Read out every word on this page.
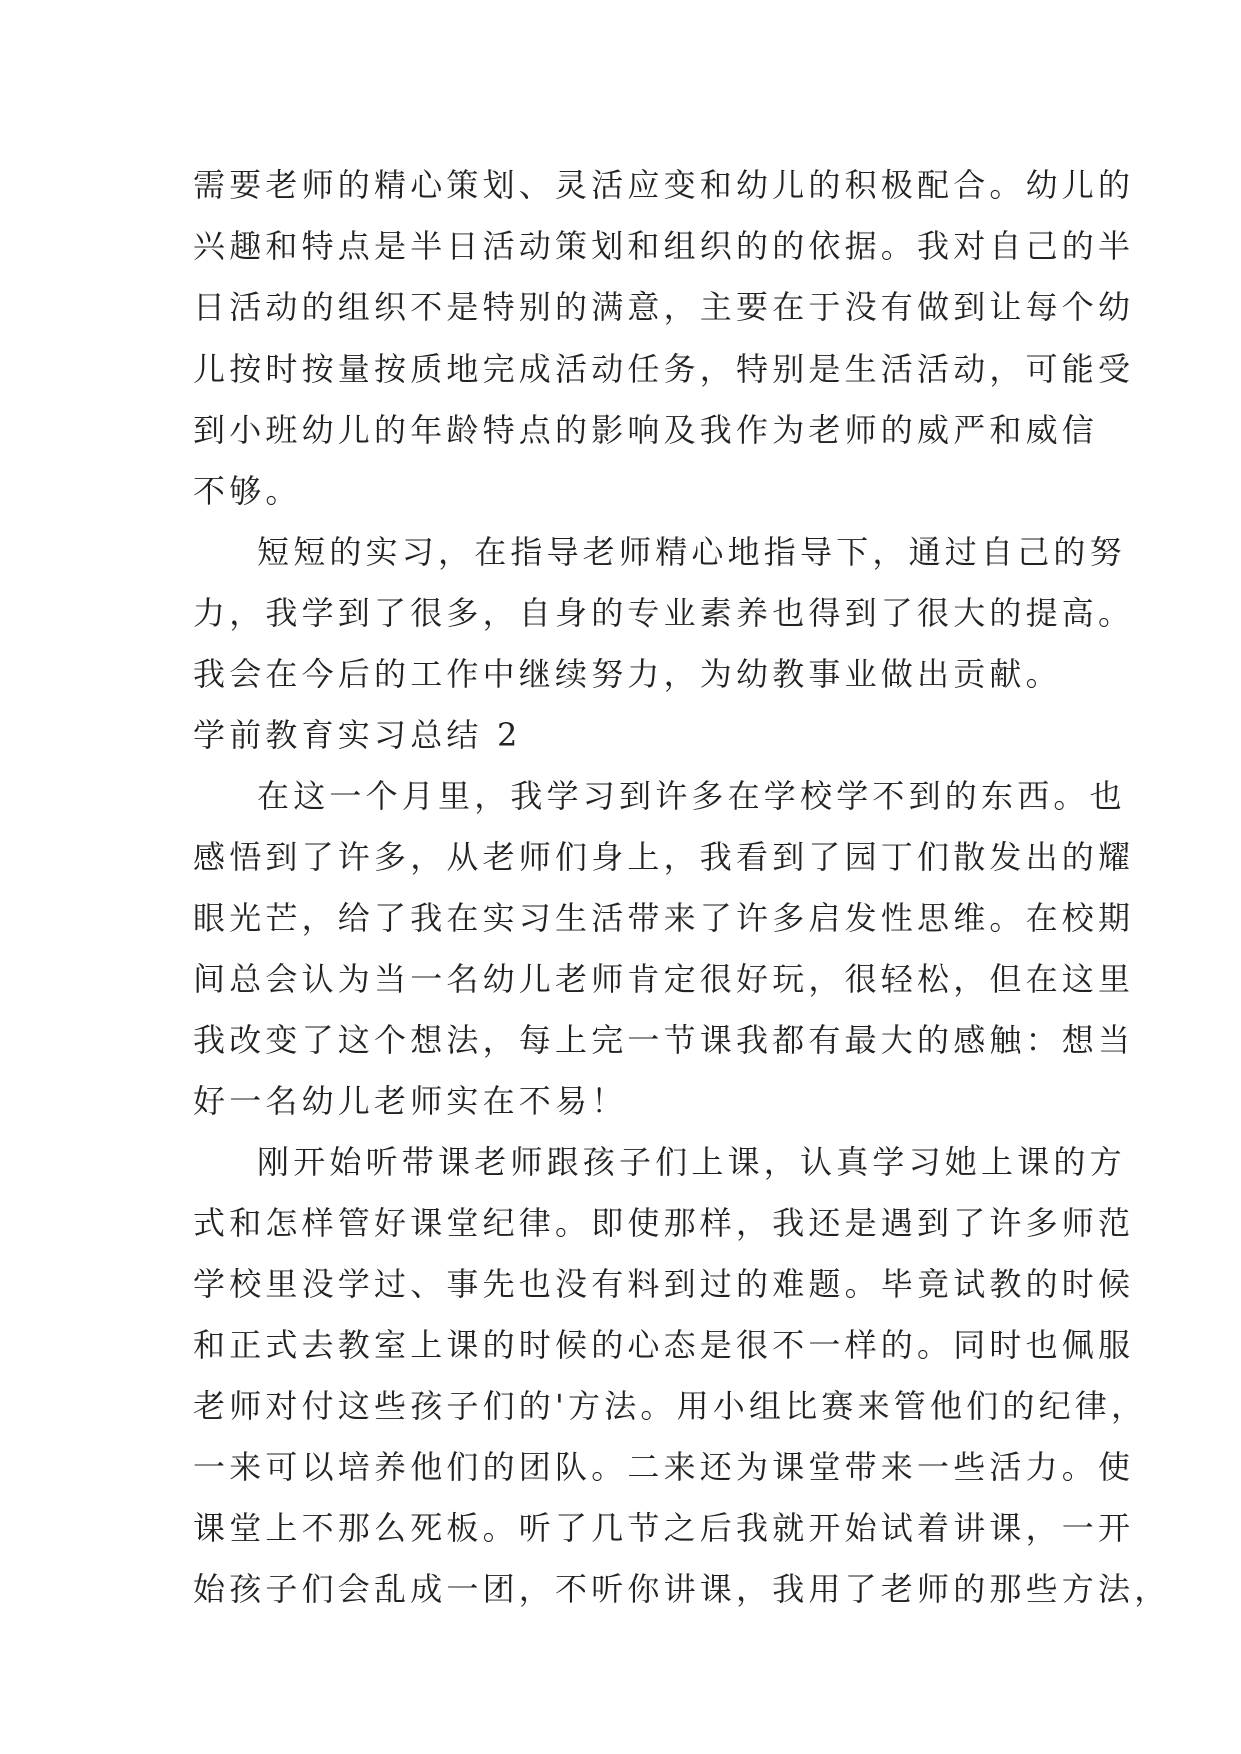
需要老师的精心策划、灵活应变和幼儿的积极配合。幼儿的

兴趣和特点是半日活动策划和组织的的依据。我对自己的半

日活动的组织不是特别的满意，主要在于没有做到让每个幼

儿按时按量按质地完成活动任务，特别是生活活动，可能受

到小班幼儿的年龄特点的影响及我作为老师的威严和威信

不够。

短短的实习，在指导老师精心地指导下，通过自己的努

力，我学到了很多，自身的专业素养也得到了很大的提高。

我会在今后的工作中继续努力，为幼教事业做出贡献。

学前教育实习总结 2

在这一个月里，我学习到许多在学校学不到的东西。也

感悟到了许多，从老师们身上，我看到了园丁们散发出的耀

眼光芒，给了我在实习生活带来了许多启发性思维。在校期

间总会认为当一名幼儿老师肯定很好玩，很轻松，但在这里

我改变了这个想法，每上完一节课我都有最大的感触：想当

好一名幼儿老师实在不易！

刚开始听带课老师跟孩子们上课，认真学习她上课的方

式和怎样管好课堂纪律。即使那样，我还是遇到了许多师范

学校里没学过、事先也没有料到过的难题。毕竟试教的时候

和正式去教室上课的时候的心态是很不一样的。同时也佩服

老师对付这些孩子们的'方法。用小组比赛来管他们的纪律，

一来可以培养他们的团队。二来还为课堂带来一些活力。使

课堂上不那么死板。听了几节之后我就开始试着讲课，一开

始孩子们会乱成一团，不听你讲课，我用了老师的那些方法，
